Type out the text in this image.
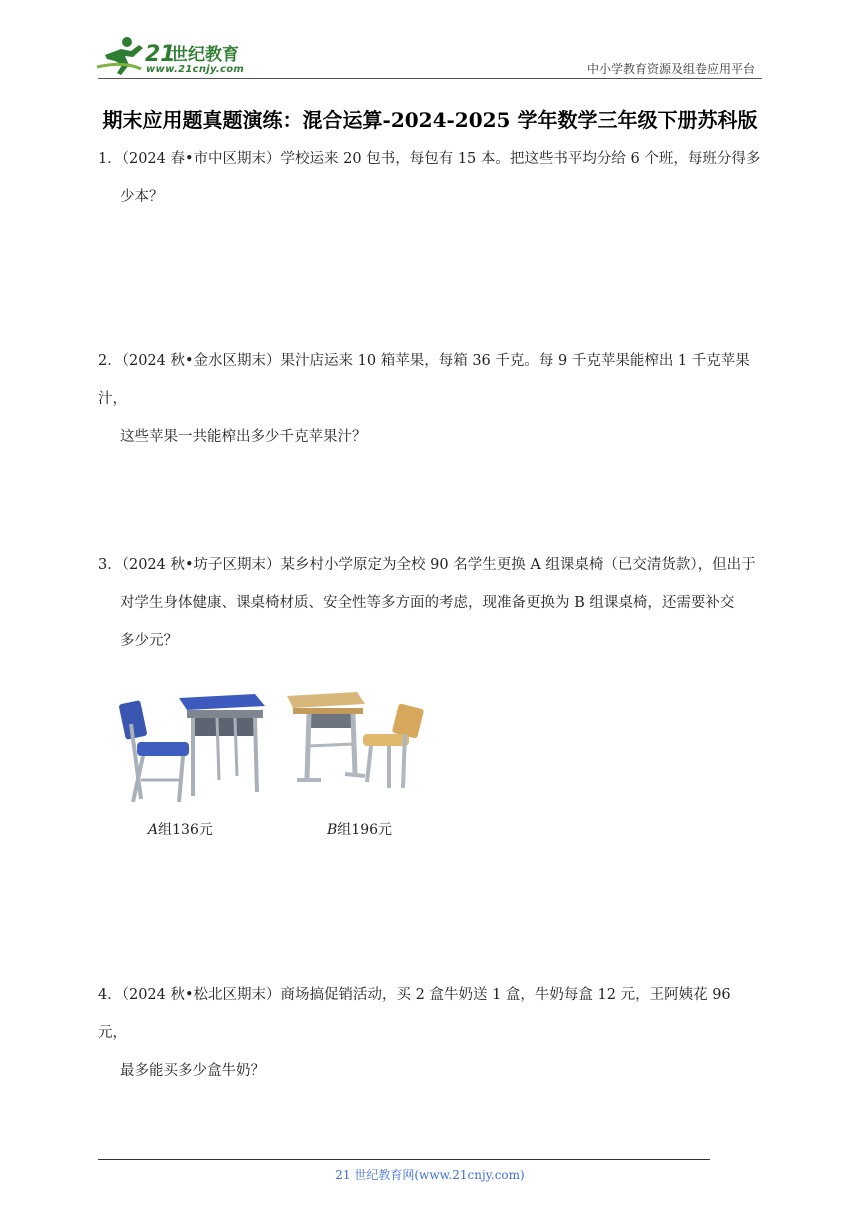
21
世纪教育
www.21cnjy.com	中小学教育资源及组卷应用平台
期末应用题真题演练：混合运算-2024-2025 学年数学三年级下册苏科版
1．（2024 春•市中区期末）学校运来 20 包书，每包有 15 本。把这些书平均分给 6 个班，每班分得多
少本？
2．（2024 秋•金水区期末）果汁店运来 10 箱苹果，每箱 36 千克。每 9 千克苹果能榨出 1 千克苹果汁，
这些苹果一共能榨出多少千克苹果汁？
3．（2024 秋•坊子区期末）某乡村小学原定为全校 90 名学生更换 A 组课桌椅（已交清货款），但出于
对学生身体健康、课桌椅材质、安全性等多方面的考虑，现准备更换为 B 组课桌椅，还需要补交
多少元？
A组136元	B组196元
4．（2024 秋•松北区期末）商场搞促销活动，买 2 盒牛奶送 1 盒，牛奶每盒 12 元，王阿姨花 96 元，
最多能买多少盒牛奶？
21 世纪教育网(www.21cnjy.com)
